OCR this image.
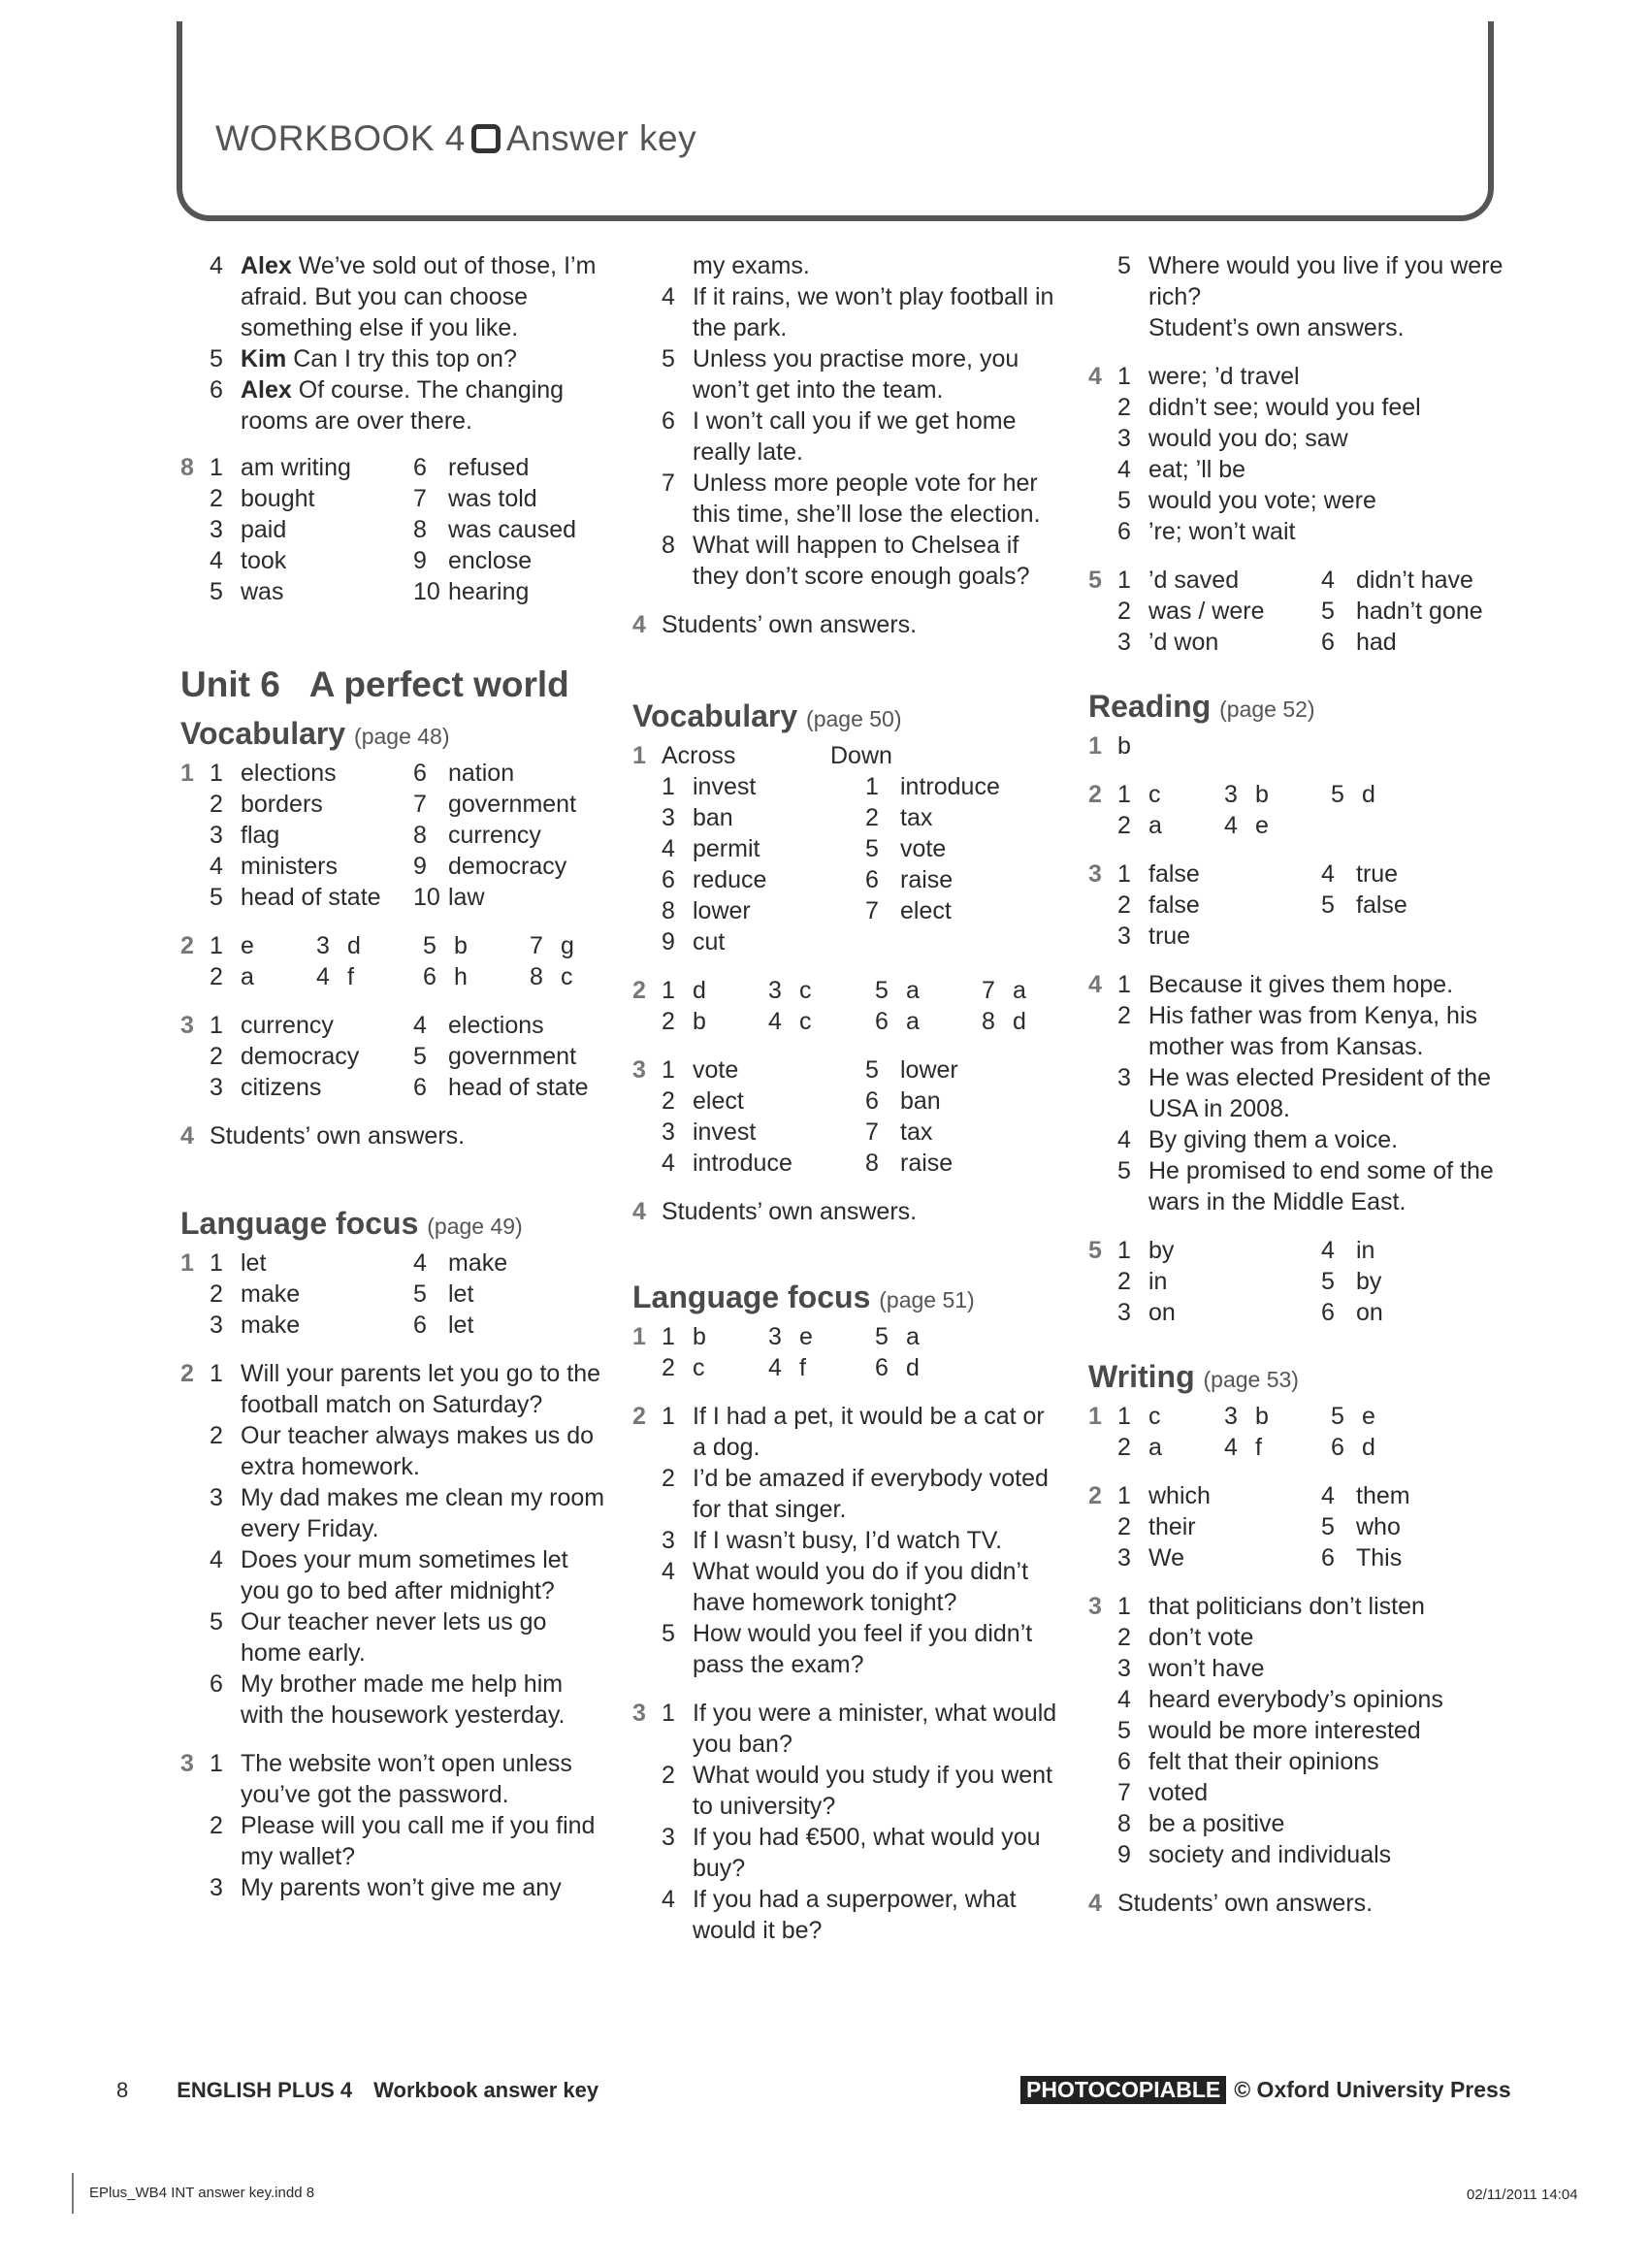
WORKBOOK 4 Answer key
4 Alex We’ve sold out of those, I’m afraid. But you can choose something else if you like.
5 Kim Can I try this top on?
6 Alex Of course. The changing rooms are over there.
8 1 am writing	6 refused
2 bought	7 was told
3 paid	8 was caused
4 took	9 enclose
5 was	10 hearing
Unit 6 A perfect world
Vocabulary (page 48)
1 1 elections	6 nation
2 borders	7 government
3 flag	8 currency
4 ministers	9 democracy
5 head of state	10 law
2 1 e	3 d	5 b	7 g
2 a	4 f	6 h	8 c
3 1 currency	4 elections
2 democracy	5 government
3 citizens	6 head of state
4 Students’ own answers.
Language focus (page 49)
1 1 let	4 make
2 make	5 let
3 make	6 let
2 1 Will your parents let you go to the football match on Saturday?
2 Our teacher always makes us do extra homework.
3 My dad makes me clean my room every Friday.
4 Does your mum sometimes let you go to bed after midnight?
5 Our teacher never lets us go home early.
6 My brother made me help him with the housework yesterday.
3 1 The website won’t open unless you’ve got the password.
2 Please will you call me if you find my wallet?
3 My parents won’t give me any
my exams.
4 If it rains, we won’t play football in the park.
5 Unless you practise more, you won’t get into the team.
6 I won’t call you if we get home really late.
7 Unless more people vote for her this time, she’ll lose the election.
8 What will happen to Chelsea if they don’t score enough goals?
4 Students’ own answers.
Vocabulary (page 50)
1 Across	Down
1 invest	1 introduce
3 ban	2 tax
4 permit	5 vote
6 reduce	6 raise
8 lower	7 elect
9 cut
2 1 d	3 c	5 a	7 a
2 b	4 c	6 a	8 d
3 1 vote	5 lower
2 elect	6 ban
3 invest	7 tax
4 introduce	8 raise
4 Students’ own answers.
Language focus (page 51)
1 1 b	3 e	5 a
2 c	4 f	6 d
2 1 If I had a pet, it would be a cat or a dog.
2 I’d be amazed if everybody voted for that singer.
3 If I wasn’t busy, I’d watch TV.
4 What would you do if you didn’t have homework tonight?
5 How would you feel if you didn’t pass the exam?
3 1 If you were a minister, what would you ban?
2 What would you study if you went to university?
3 If you had €500, what would you buy?
4 If you had a superpower, what would it be?
5 Where would you live if you were rich?
Student’s own answers.
4 1 were; ’d travel
2 didn’t see; would you feel
3 would you do; saw
4 eat; ’ll be
5 would you vote; were
6 ’re; won’t wait
5 1 ’d saved	4 didn’t have
2 was / were	5 hadn’t gone
3 ’d won	6 had
Reading (page 52)
1 b
2 1 c	3 b	5 d
2 a	4 e
3 1 false	4 true
2 false	5 false
3 true
4 1 Because it gives them hope.
2 His father was from Kenya, his mother was from Kansas.
3 He was elected President of the USA in 2008.
4 By giving them a voice.
5 He promised to end some of the wars in the Middle East.
5 1 by	4 in
2 in	5 by
3 on	6 on
Writing (page 53)
1 1 c	3 b	5 e
2 a	4 f	6 d
2 1 which	4 them
2 their	5 who
3 We	6 This
3 1 that politicians don’t listen
2 don’t vote
3 won’t have
4 heard everybody’s opinions
5 would be more interested
6 felt that their opinions
7 voted
8 be a positive
9 society and individuals
4 Students’ own answers.
8 ENGLISH PLUS 4 Workbook answer key	PHOTOCOPIABLE © Oxford University Press
EPlus_WB4 INT answer key.indd 8	02/11/2011 14:04
